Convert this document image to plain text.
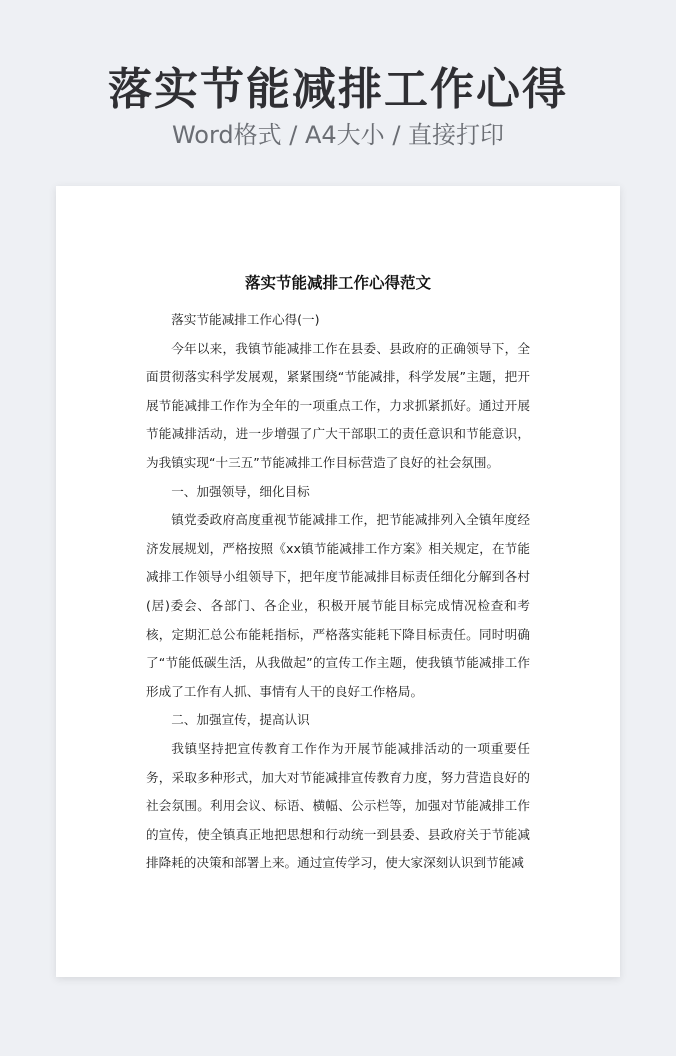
落实节能减排工作心得
Word格式 / A4大小 / 直接打印
落实节能减排工作心得范文

落实节能减排工作心得(一)

今年以来，我镇节能减排工作在县委、县政府的正确领导下，全面贯彻落实科学发展观，紧紧围绕“节能减排，科学发展”主题，把开展节能减排工作作为全年的一项重点工作，力求抓紧抓好。通过开展节能减排活动，进一步增强了广大干部职工的责任意识和节能意识，为我镇实现“十三五”节能减排工作目标营造了良好的社会氛围。

一、加强领导，细化目标

镇党委政府高度重视节能减排工作，把节能减排列入全镇年度经济发展规划，严格按照《xx镇节能减排工作方案》相关规定，在节能减排工作领导小组领导下，把年度节能减排目标责任细化分解到各村(居)委会、各部门、各企业，积极开展节能目标完成情况检查和考核，定期汇总公布能耗指标，严格落实能耗下降目标责任。同时明确了“节能低碳生活，从我做起”的宣传工作主题，使我镇节能减排工作形成了工作有人抓、事情有人干的良好工作格局。

二、加强宣传，提高认识

我镇坚持把宣传教育工作作为开展节能减排活动的一项重要任务，采取多种形式，加大对节能减排宣传教育力度，努力营造良好的社会氛围。利用会议、标语、横幅、公示栏等，加强对节能减排工作的宣传，使全镇真正地把思想和行动统一到县委、县政府关于节能减排降耗的决策和部署上来。通过宣传学习，使大家深刻认识到节能减
